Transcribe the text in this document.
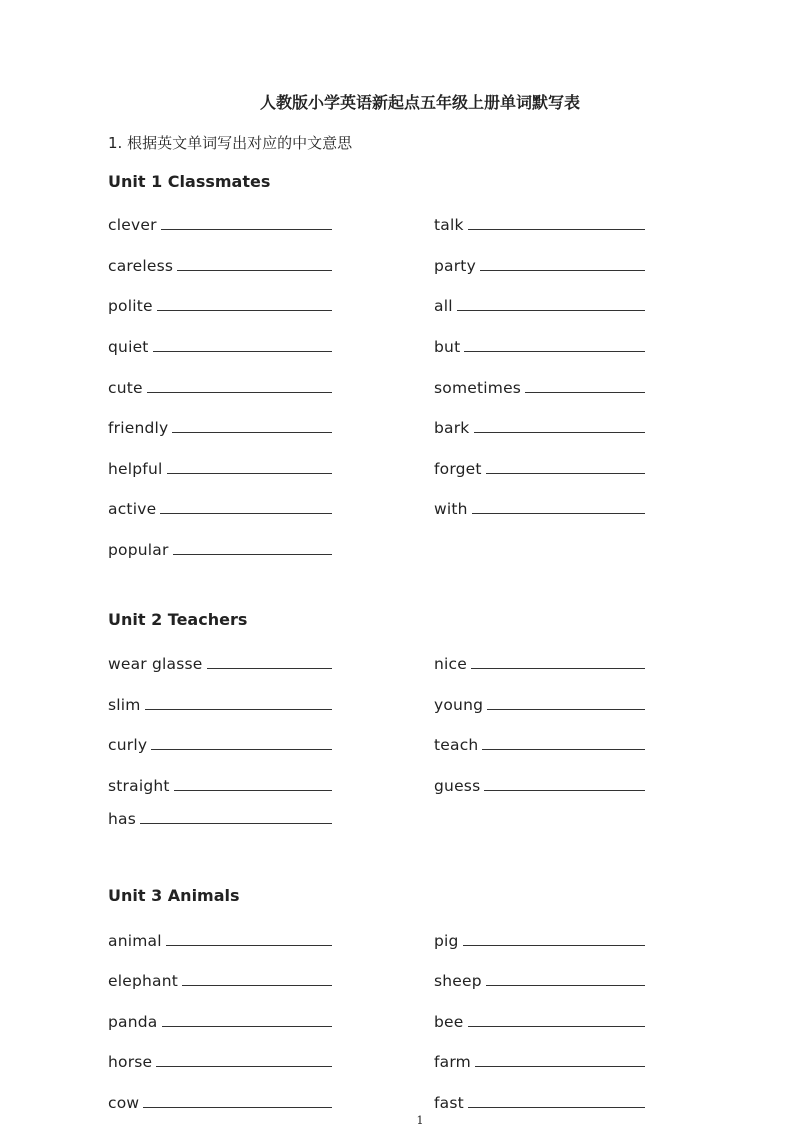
人教版小学英语新起点五年级上册单词默写表
1. 根据英文单词写出对应的中文意思
Unit 1 Classmates
Unit 2 Teachers
Unit 3 Animals
clever
careless
polite
quiet
cute
friendly
helpful
active
popular
talk
party
all
but
sometimes
bark
forget
with
wear glasse
slim
curly
straight
has
nice
young
teach
guess
animal
elephant
panda
horse
cow
pig
sheep
bee
farm
fast
1
